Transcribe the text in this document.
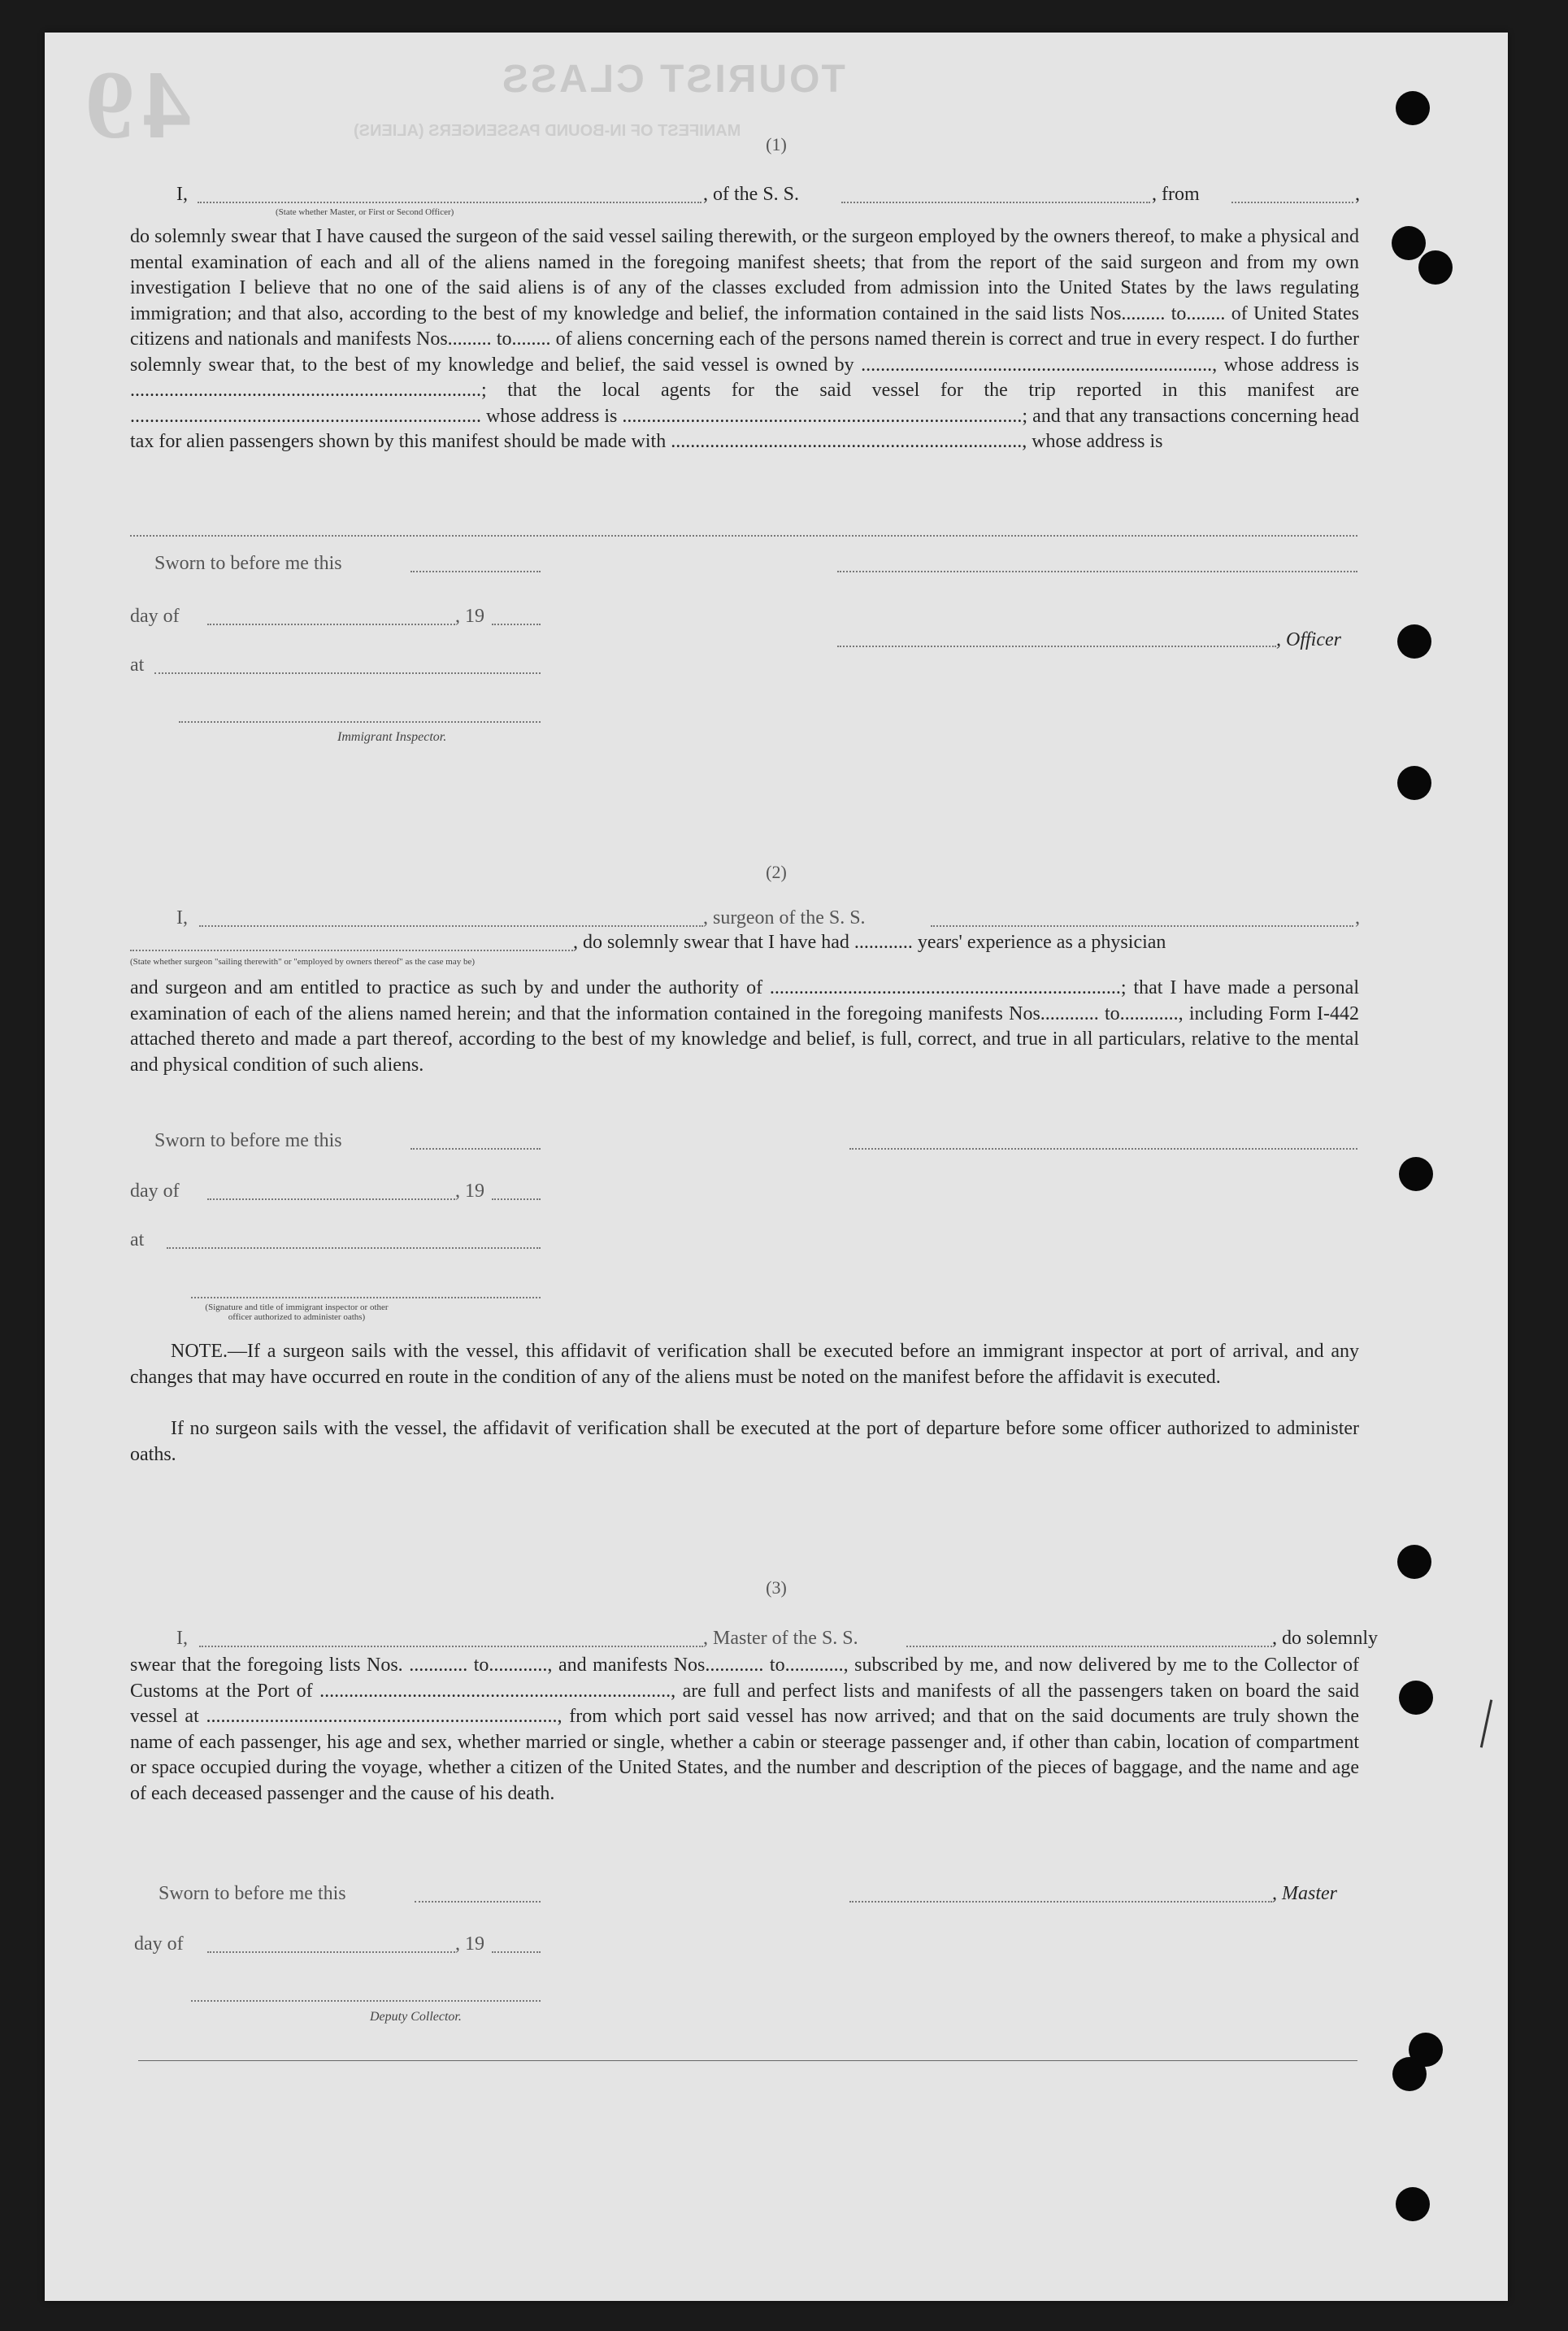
49	TOURIST CLASS
MANIFEST OF IN-BOUND PASSENGERS (ALIENS)
(1)
I,	, of the S. S.	, from	,
(State whether Master, or First or Second Officer)
do solemnly swear that I have caused the surgeon of the said vessel sailing therewith, or the surgeon employed by the owners thereof, to make a physical and mental examination of each and all of the aliens named in the foregoing manifest sheets; that from the report of the said surgeon and from my own investigation I believe that no one of the said aliens is of any of the classes excluded from admission into the United States by the laws regulating immigration; and that also, according to the best of my knowledge and belief, the information contained in the said lists Nos......... to........ of United States citizens and nationals and manifests Nos......... to........ of aliens concerning each of the persons named therein is correct and true in every respect. I do further solemnly swear that, to the best of my knowledge and belief, the said vessel is owned by ........................................................................, whose address is ........................................................................; that the local agents for the said vessel for the trip reported in this manifest are ........................................................................ whose address is ..................................................................................; and that any transactions concerning head tax for alien passengers shown by this manifest should be made with ........................................................................, whose address is
Sworn to before me this
day of	, 19
, Officer
at
Immigrant Inspector.
(2)
I,	, surgeon of the S. S.	,
, do solemnly swear that I have had ............ years' experience as a physician
(State whether surgeon "sailing therewith" or "employed by owners thereof" as the case may be)
and surgeon and am entitled to practice as such by and under the authority of ........................................................................; that I have made a personal examination of each of the aliens named herein; and that the information contained in the foregoing manifests Nos............ to............, including Form I-442 attached thereto and made a part thereof, according to the best of my knowledge and belief, is full, correct, and true in all particulars, relative to the mental and physical condition of such aliens.
Sworn to before me this
day of	, 19
at
(Signature and title of immigrant inspector or other officer authorized to administer oaths)
NOTE.—If a surgeon sails with the vessel, this affidavit of verification shall be executed before an immigrant inspector at port of arrival, and any changes that may have occurred en route in the condition of any of the aliens must be noted on the manifest before the affidavit is executed.
If no surgeon sails with the vessel, the affidavit of verification shall be executed at the port of departure before some officer authorized to administer oaths.
(3)
I,	, Master of the S. S.	, do solemnly
swear that the foregoing lists Nos. ............ to............, and manifests Nos............ to............, subscribed by me, and now delivered by me to the Collector of Customs at the Port of ........................................................................, are full and perfect lists and manifests of all the passengers taken on board the said vessel at ........................................................................, from which port said vessel has now arrived; and that on the said documents are truly shown the name of each passenger, his age and sex, whether married or single, whether a cabin or steerage passenger and, if other than cabin, location of compartment or space occupied during the voyage, whether a citizen of the United States, and the number and description of the pieces of baggage, and the name and age of each deceased passenger and the cause of his death.
Sworn to before me this	, Master
day of	, 19
Deputy Collector.
